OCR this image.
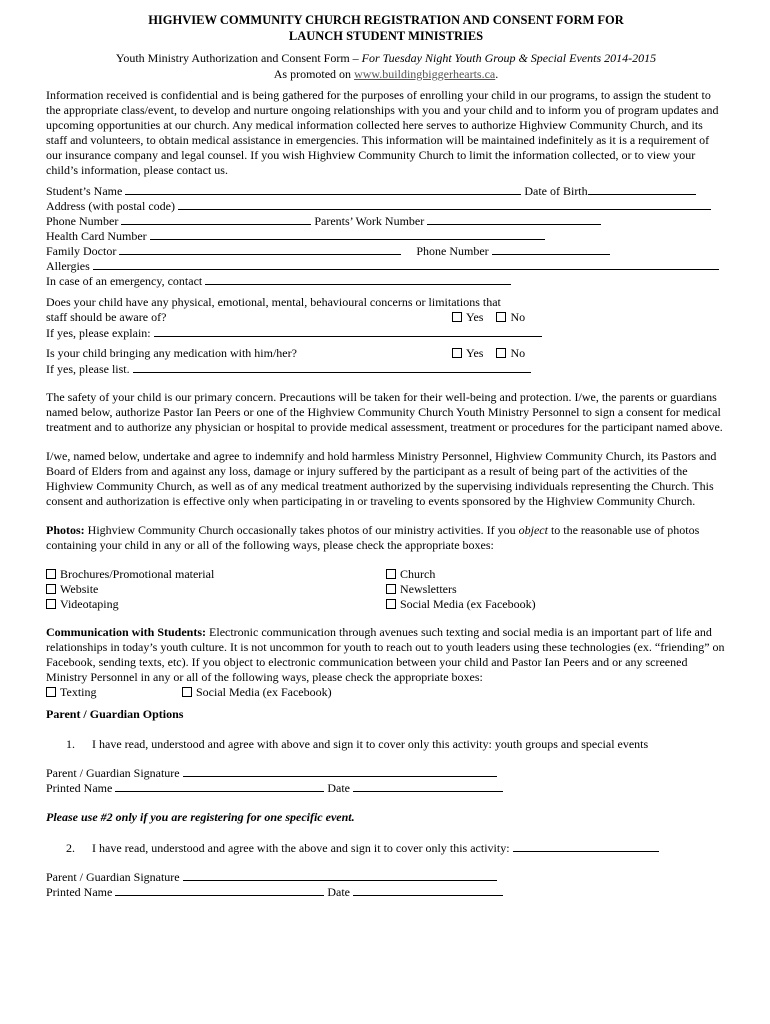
HIGHVIEW COMMUNITY CHURCH REGISTRATION AND CONSENT FORM FOR
LAUNCH STUDENT MINISTRIES
Youth Ministry Authorization and Consent Form – For Tuesday Night Youth Group & Special Events 2014-2015
As promoted on www.buildingbiggerhearts.ca.

Information received is confidential and is being gathered for the purposes of enrolling your child in our programs, to assign the student to the appropriate class/event, to develop and nurture ongoing relationships with you and your child and to inform you of program updates and upcoming opportunities at our church. Any medical information collected here serves to authorize Highview Community Church, and its staff and volunteers, to obtain medical assistance in emergencies. This information will be maintained indefinitely as it is a requirement of our insurance company and legal counsel. If you wish Highview Community Church to limit the information collected, or to view your child’s information, please contact us.

Student’s Name	Date of Birth
Address (with postal code)
Phone Number	Parents’ Work Number
Health Card Number
Family Doctor	Phone Number
Allergies
In case of an emergency, contact
Does your child have any physical, emotional, mental, behavioural concerns or limitations that
staff should be aware of?	Yes No
If yes, please explain:
Is your child bringing any medication with him/her?	Yes No
If yes, please list.

The safety of your child is our primary concern. Precautions will be taken for their well-being and protection. I/we, the parents or guardians named below, authorize Pastor Ian Peers or one of the Highview Community Church Youth Ministry Personnel to sign a consent for medical treatment and to authorize any physician or hospital to provide medical assessment, treatment or procedures for the participant named above.

I/we, named below, undertake and agree to indemnify and hold harmless Ministry Personnel, Highview Community Church, its Pastors and Board of Elders from and against any loss, damage or injury suffered by the participant as a result of being part of the activities of the Highview Community Church, as well as of any medical treatment authorized by the supervising individuals representing the Church. This consent and authorization is effective only when participating in or traveling to events sponsored by the Highview Community Church.

Photos: Highview Community Church occasionally takes photos of our ministry activities. If you object to the reasonable use of photos containing your child in any or all of the following ways, please check the appropriate boxes:

Brochures/Promotional material
Website
Videotaping
Church
Newsletters
Social Media (ex Facebook)

Communication with Students: Electronic communication through avenues such texting and social media is an important part of life and relationships in today’s youth culture. It is not uncommon for youth to reach out to youth leaders using these technologies (ex. “friending” on Facebook, sending texts, etc). If you object to electronic communication between your child and Pastor Ian Peers and or any screened Ministry Personnel in any or all of the following ways, please check the appropriate boxes:

Texting	Social Media (ex Facebook)
Parent / Guardian Options
1. I have read, understood and agree with above and sign it to cover only this activity: youth groups and special events
Parent / Guardian Signature
Printed Name	Date
Please use #2 only if you are registering for one specific event.
2. I have read, understood and agree with the above and sign it to cover only this activity:
Parent / Guardian Signature
Printed Name	Date
